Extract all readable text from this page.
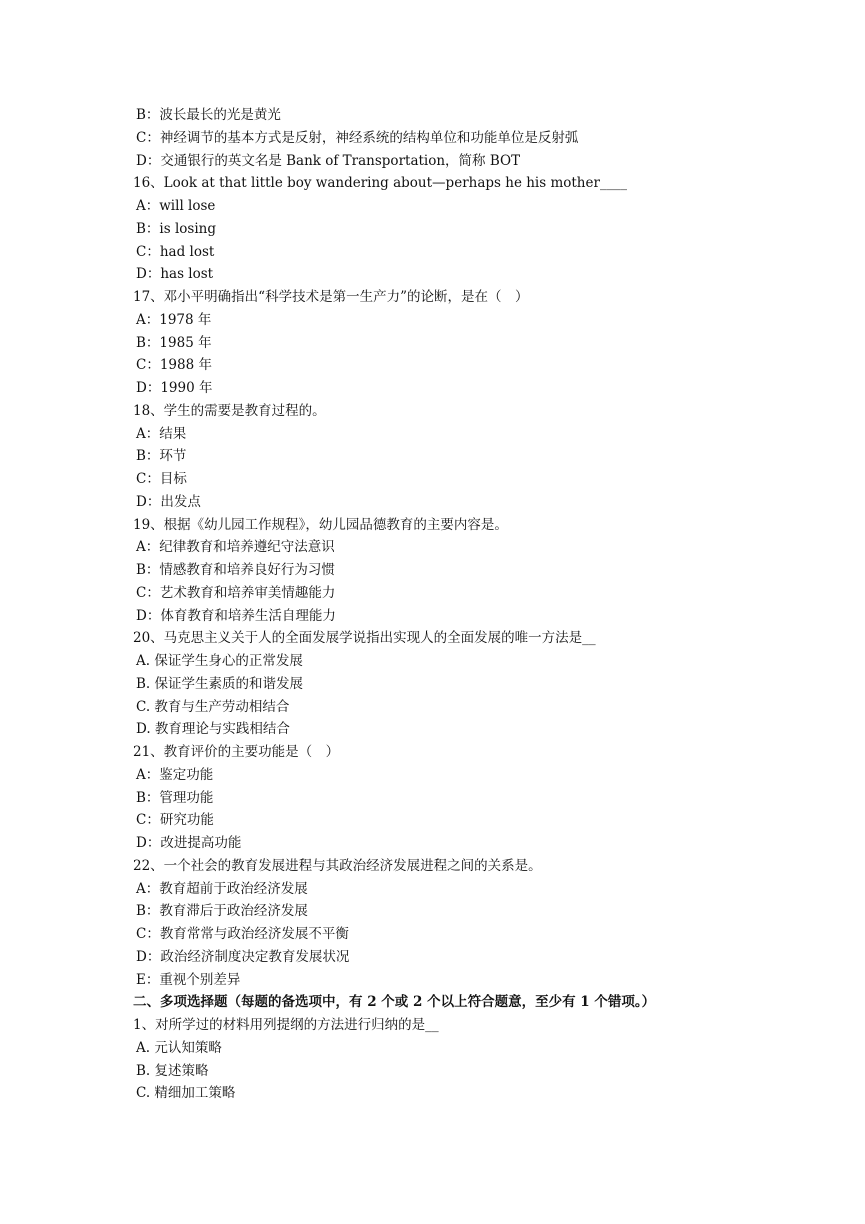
B：波长最长的光是黄光
C：神经调节的基本方式是反射，神经系统的结构单位和功能单位是反射弧
D：交通银行的英文名是 Bank of Transportation，简称 BOT
16、Look at that little boy wandering about—perhaps he his mother____
A：will lose
B：is losing
C：had lost
D：has lost
17、邓小平明确指出“科学技术是第一生产力”的论断，是在（　）
A：1978 年
B：1985 年
C：1988 年
D：1990 年
18、学生的需要是教育过程的。
A：结果
B：环节
C：目标
D：出发点
19、根据《幼儿园工作规程》，幼儿园品德教育的主要内容是。
A：纪律教育和培养遵纪守法意识
B：情感教育和培养良好行为习惯
C：艺术教育和培养审美情趣能力
D：体育教育和培养生活自理能力
20、马克思主义关于人的全面发展学说指出实现人的全面发展的唯一方法是__
A. 保证学生身心的正常发展
B. 保证学生素质的和谐发展
C. 教育与生产劳动相结合
D. 教育理论与实践相结合
21、教育评价的主要功能是（　）
A：鉴定功能
B：管理功能
C：研究功能
D：改进提高功能
22、一个社会的教育发展进程与其政治经济发展进程之间的关系是。
A：教育超前于政治经济发展
B：教育滞后于政治经济发展
C：教育常常与政治经济发展不平衡
D：政治经济制度决定教育发展状况
E：重视个别差异
二、多项选择题（每题的备选项中，有 2 个或 2 个以上符合题意，至少有 1 个错项。）
1、对所学过的材料用列提纲的方法进行归纳的是__
A. 元认知策略
B. 复述策略
C. 精细加工策略
